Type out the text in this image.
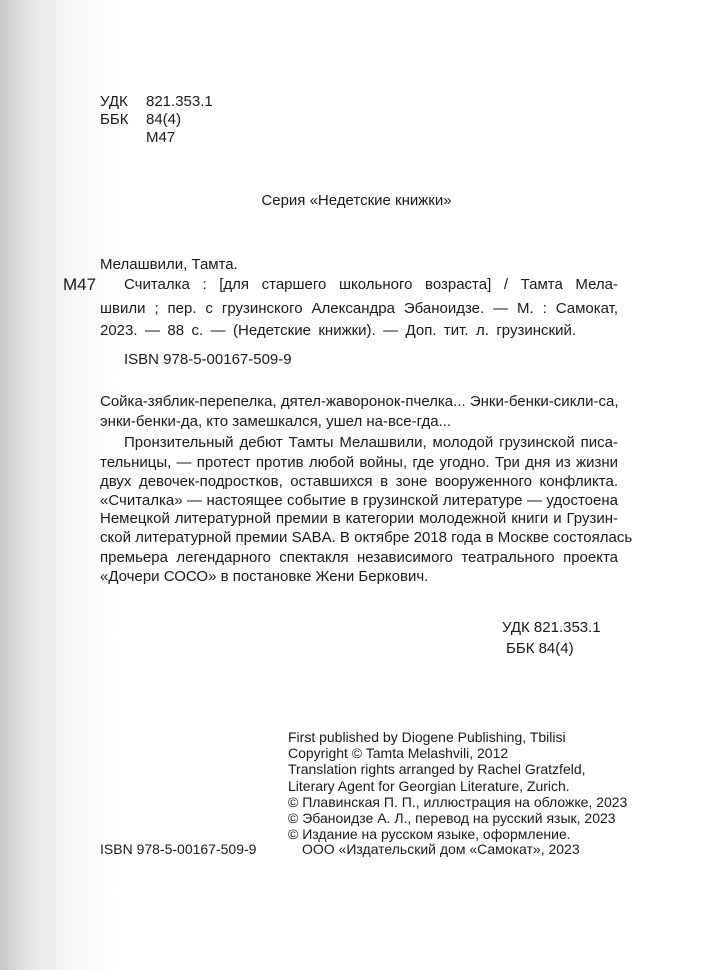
УДК	821.353.1
ББК	84(4)
М47
Серия «Недетские книжки»
Мелашвили, Тамта.
М47	Считалка : [для старшего школьного возраста] / Тамта Мела-
швили ; пер. с грузинского Александра Эбаноидзе. — М. : Самокат,
2023. — 88 с. — (Недетские книжки). — Доп. тит. л. грузинский.
ISBN 978-5-00167-509-9
Сойка-зяблик-перепелка, дятел-жаворонок-пчелка... Энки-бенки-сикли-са,
энки-бенки-да, кто замешкался, ушел на-все-гда...
Пронзительный дебют Тамты Мелашвили, молодой грузинской писа-
тельницы, — протест против любой войны, где угодно. Три дня из жизни
двух девочек-подростков, оставшихся в зоне вооруженного конфликта.
«Считалка» — настоящее событие в грузинской литературе — удостоена
Немецкой литературной премии в категории молодежной книги и Грузин-
ской литературной премии SABA. В октябре 2018 года в Москве состоялась
премьера легендарного спектакля независимого театрального проекта
«Дочери СОСО» в постановке Жени Беркович.
УДК 821.353.1
ББК 84(4)
First published by Diogene Publishing, Tbilisi
Copyright © Tamta Melashvili, 2012
Translation rights arranged by Rachel Gratzfeld,
Literary Agent for Georgian Literature, Zurich.
© Плавинская П. П., иллюстрация на обложке, 2023
© Эбаноидзе А. Л., перевод на русский язык, 2023
© Издание на русском языке, оформление.
ISBN 978-5-00167-509-9	ООО «Издательский дом «Самокат», 2023
